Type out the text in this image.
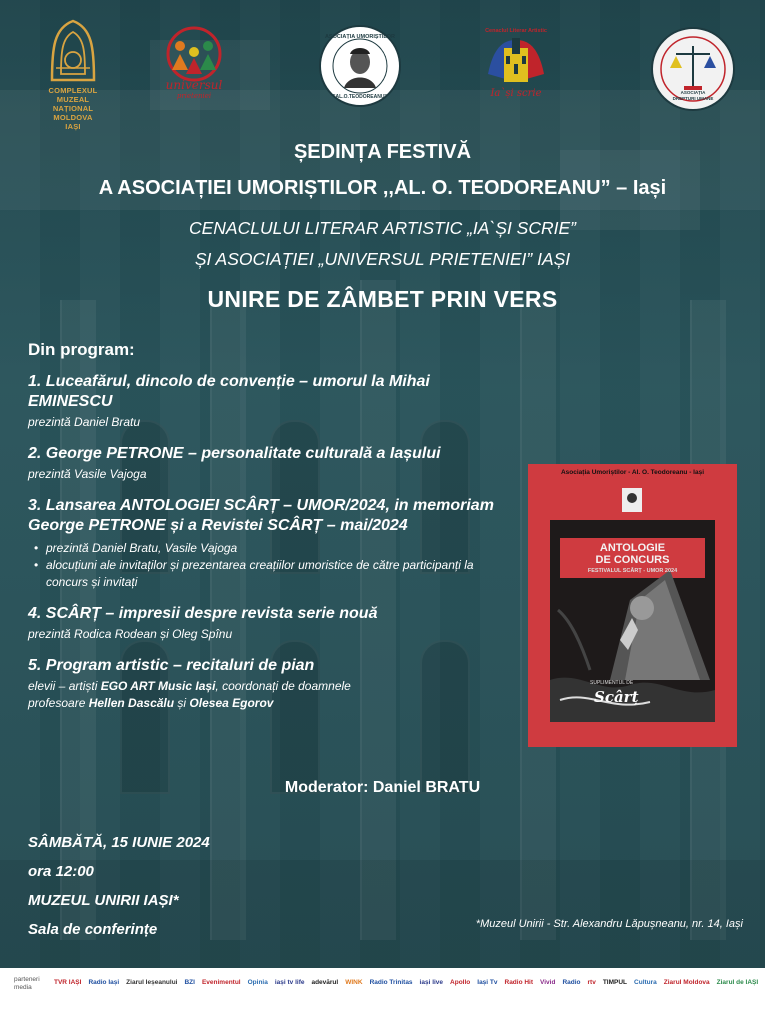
COMPLEXUL
MUZEAL
NAȚIONAL
MOLDOVA
IAȘI
universul
prieteniei
ASOCIAȚIA UMORIȘTILOR
"AL.O.TEODOREANU"
Cenaclul Literar Artistic
Ia`și scrie	ASOCIAȚIA
DREPTURI UMANE
ȘEDINȚA FESTIVĂ
A ASOCIAȚIEI UMORIȘTILOR ,,AL. O. TEODOREANU” – Iași
CENACLULUI LITERAR ARTISTIC „IA`ȘI SCRIE”
ȘI ASOCIAȚIEI „UNIVERSUL PRIETENIEI” IAȘI
UNIRE DE ZÂMBET PRIN VERS
Din program:
1. Luceafărul, dincolo de convenție – umorul la Mihai EMINESCU
prezintă Daniel Bratu
2. George PETRONE – personalitate culturală a Iașului
prezintă Vasile Vajoga
3. Lansarea ANTOLOGIEI SCÂRȚ – UMOR/2024, in memoriam George PETRONE și a Revistei SCÂRȚ – mai/2024
• prezintă Daniel Bratu, Vasile Vajoga
• alocuțiuni ale invitaților și prezentarea creațiilor umoristice de către participanți la concurs și invitați
4. SCÂRȚ – impresii despre revista serie nouă
prezintă Rodica Rodean și Oleg Spînu
5. Program artistic – recitaluri de pian
elevii – artiști EGO ART Music Iași, coordonați de doamnele
profesoare Hellen Dascălu și Olesea Egorov
Asociația Umoriștilor - Al. O. Teodoreanu - Iași
ANTOLOGIE
DE CONCURS
FESTIVALUL SCÂRȚ - UMOR 2024
SUPLIMENTUL DE
Scârț
Moderator: Daniel BRATU
SÂMBĂTĂ, 15 IUNIE 2024
ora 12:00
MUZEUL UNIRII IAȘI*
Sala de conferințe	*Muzeul Unirii - Str. Alexandru Lăpușneanu, nr. 14, Iași
parteneri
media
TVR IAȘI	Radio Iași	Ziarul Ieșeanului	BZI	Evenimentul	Opinia	iași tv life	adevărul	WINK	Radio Trinitas	iași live	Apollo	Iași Tv	Radio Hit	Vivid	Radio	rtv	TIMPUL	Cultura	Ziarul Moldova	Ziarul de IAȘI
